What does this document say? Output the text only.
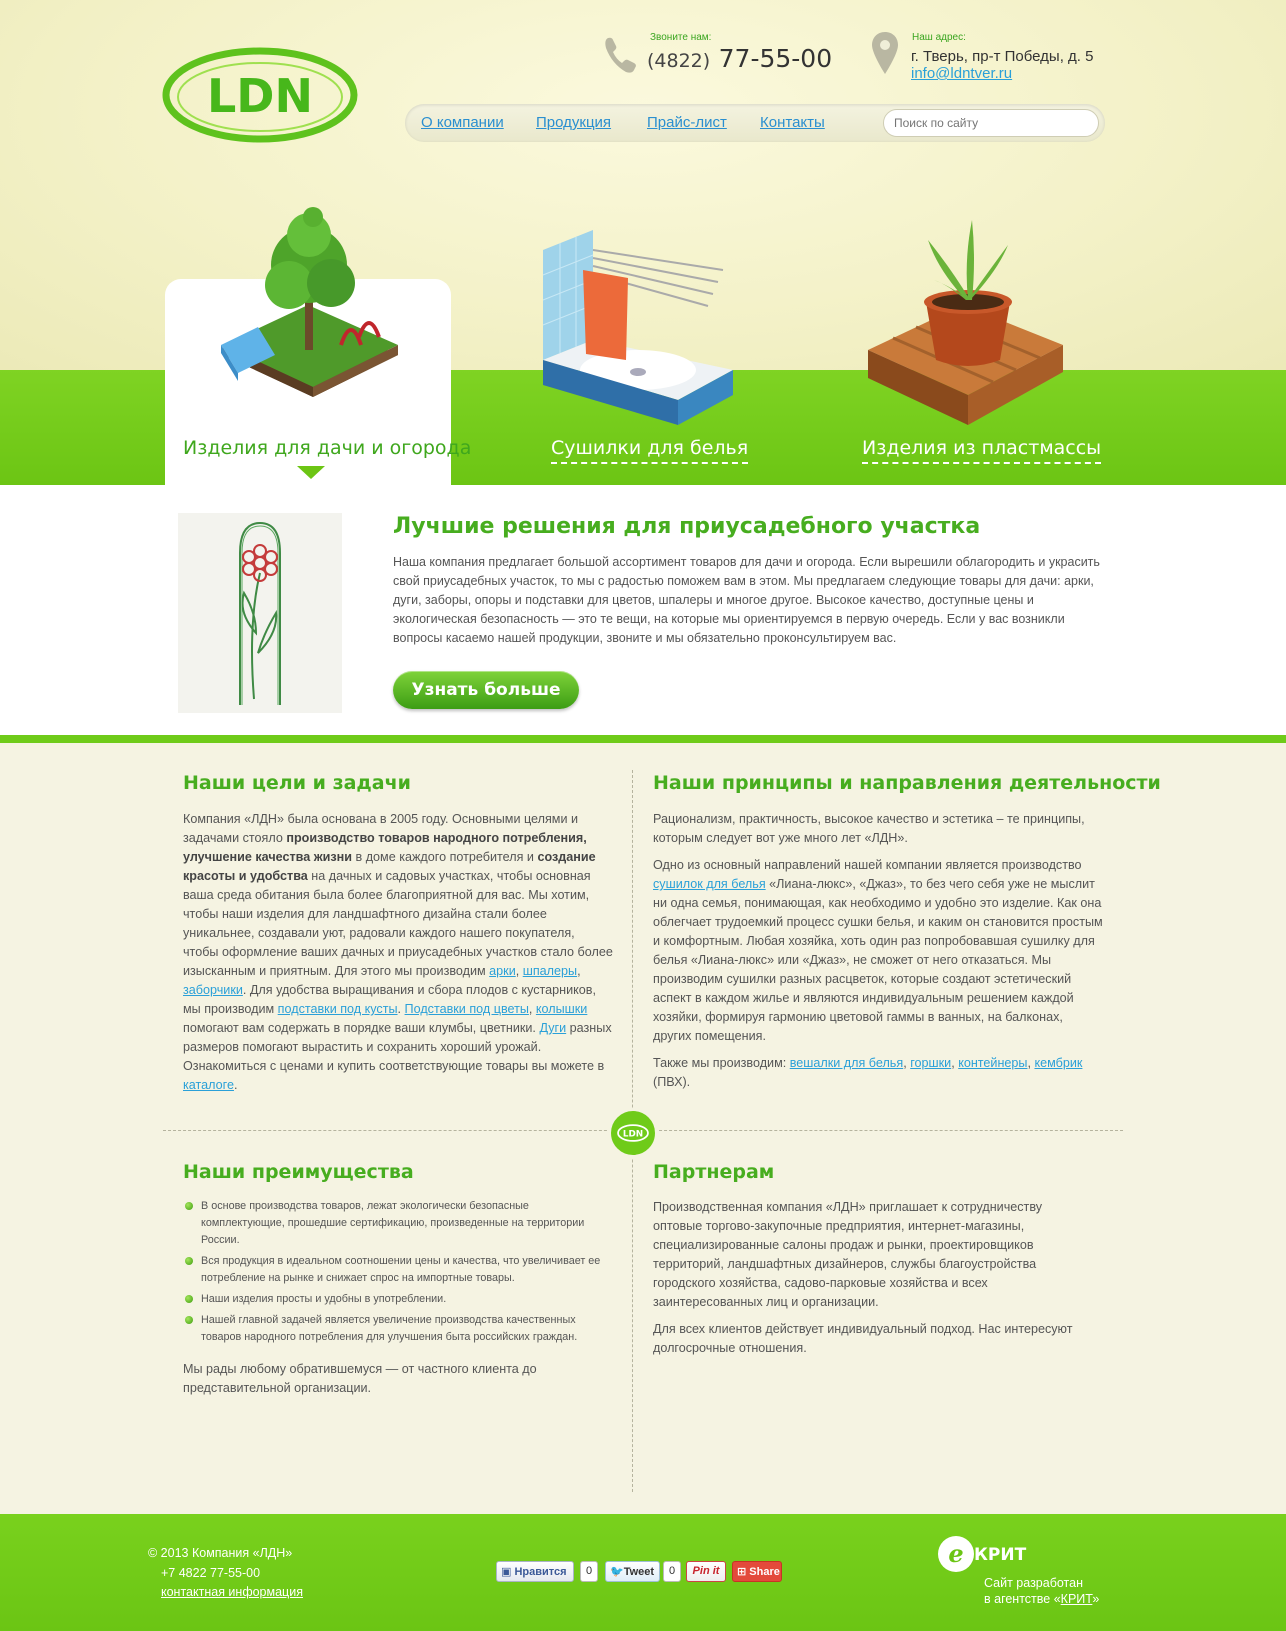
LDN
Звоните нам:
(4822) 77-55-00
Наш адрес:
г. Тверь, пр-т Победы, д. 5
info@ldntver.ru
О компании Продукция Прайс-лист Контакты
Поиск по сайту
Изделия для дачи и огорода	Сушилки для белья	Изделия из пластмассы
Лучшие решения для приусадебного участка

Наша компания предлагает большой ассортимент товаров для дачи и огорода. Если вырешили облагородить и украсить свой приусадебных участок, то мы с радостью поможем вам в этом. Мы предлагаем следующие товары для дачи: арки, дуги, заборы, опоры и подставки для цветов, шпалеры и многое другое. Высокое качество, доступные цены и экологическая безопасность — это те вещи, на которые мы ориентируемся в первую очередь. Если у вас возникли вопросы касаемо нашей продукции, звоните и мы обязательно проконсультируем вас.

Узнать больше
LDN
Наши цели и задачи

Компания «ЛДН» была основана в 2005 году. Основными целями и задачами стояло производство товаров народного потребления, улучшение качества жизни в доме каждого потребителя и создание красоты и удобства на дачных и садовых участках, чтобы основная ваша среда обитания была более благоприятной для вас. Мы хотим, чтобы наши изделия для ландшафтного дизайна стали более уникальнее, создавали уют, радовали каждого нашего покупателя, чтобы оформление ваших дачных и приусадебных участков стало более изысканным и приятным. Для этого мы производим арки, шпалеры, заборчики. Для удобства выращивания и сбора плодов с кустарников, мы производим подставки под кусты. Подставки под цветы, колышки помогают вам содержать в порядке ваши клумбы, цветники. Дуги разных размеров помогают вырастить и сохранить хороший урожай. Ознакомиться с ценами и купить соответствующие товары вы можете в каталоге.

Наши принципы и направления деятельности

Рационализм, практичность, высокое качество и эстетика – те принципы, которым следует вот уже много лет «ЛДН».

Одно из основный направлений нашей компании является производство сушилок для белья «Лиана-люкс», «Джаз», то без чего себя уже не мыслит ни одна семья, понимающая, как необходимо и удобно это изделие. Как она облегчает трудоемкий процесс сушки белья, и каким он становится простым и комфортным. Любая хозяйка, хоть один раз попробовавшая сушилку для белья «Лиана-люкс» или «Джаз», не сможет от него отказаться. Мы производим сушилки разных расцветок, которые создают эстетический аспект в каждом жилье и являются индивидуальным решением каждой хозяйки, формируя гармонию цветовой гаммы в ванных, на балконах, других помещения.

Также мы производим: вешалки для белья, горшки, контейнеры, кембрик (ПВХ).

Наши преимущества
В основе производства товаров, лежат экологически безопасные комплектующие, прошедшие сертификацию, произведенные на территории России.
Вся продукция в идеальном соотношении цены и качества, что увеличивает ее потребление на рынке и снижает спрос на импортные товары.
Наши изделия просты и удобны в употреблении.
Нашей главной задачей является увеличение производства качественных товаров народного потребления для улучшения быта российских граждан.

Мы рады любому обратившемуся — от частного клиента до представительной организации.

Партнерам

Производственная компания «ЛДН» приглашает к сотрудничеству оптовые торгово-закупочные предприятия, интернет-магазины, специализированные салоны продаж и рынки, проектировщиков территорий, ландшафтных дизайнеров, службы благоустройства городского хозяйства, садово-парковые хозяйства и всех заинтересованных лиц и организации.

Для всех клиентов действует индивидуальный подход. Нас интересуют долгосрочные отношения.

© 2013 Компания «ЛДН»
+7 4822 77-55-00
контактная информация
▣ Нравится	0	🐦Tweet	0	Pin it	⊞ Share
e КРИТ
Сайт разработан
в агентстве «КРИТ»
